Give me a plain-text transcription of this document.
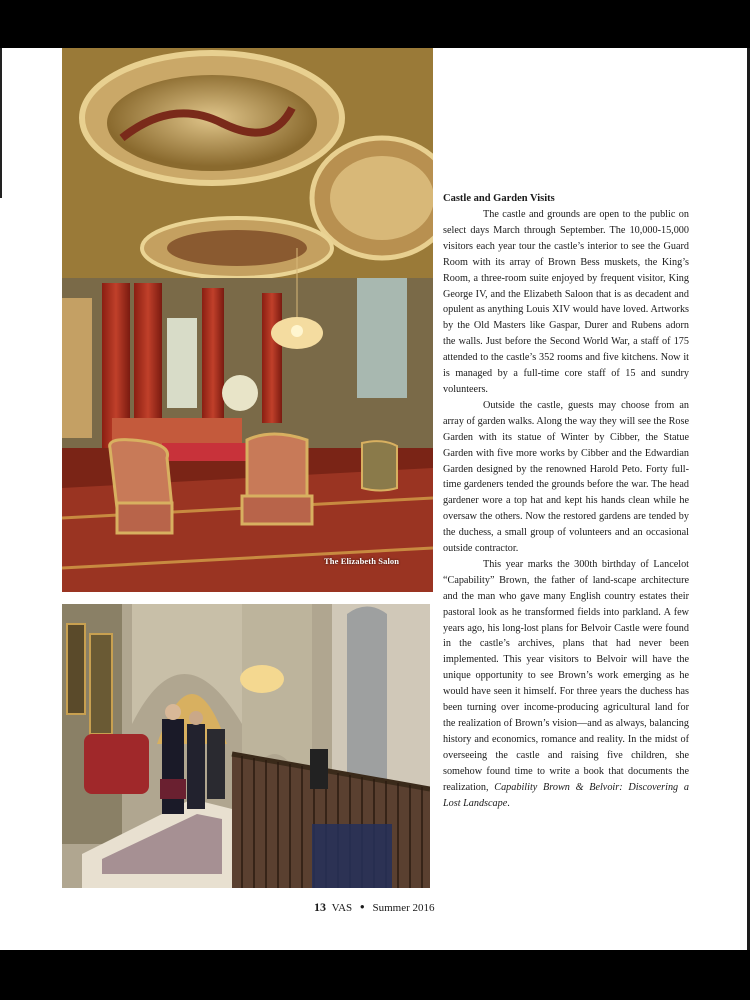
The Elizabeth Salon
Castle and Garden Visits

The castle and grounds are open to the public on select days March through September. The 10,000-15,000 visitors each year tour the castle’s interior to see the Guard Room with its array of Brown Bess muskets, the King’s Room, a three-room suite enjoyed by frequent visitor, King George IV, and the Elizabeth Saloon that is as decadent and opulent as anything Louis XIV would have loved. Artworks by the Old Masters like Gaspar, Durer and Rubens adorn the walls. Just before the Second World War, a staff of 175 attended to the castle’s 352 rooms and five kitchens. Now it is managed by a full-time core staff of 15 and sundry volunteers.

Outside the castle, guests may choose from an array of garden walks. Along the way they will see the Rose Garden with its statue of Winter by Cibber, the Statue Garden with five more works by Cibber and the Edwardian Garden designed by the renowned Harold Peto. Forty full-time gardeners tended the grounds before the war. The head gardener wore a top hat and kept his hands clean while he oversaw the others. Now the restored gardens are tended by the duchess, a small group of volunteers and an occasional outside contractor.

This year marks the 300th birthday of Lancelot “Capability” Brown, the father of land-scape architecture and the man who gave many English country estates their pastoral look as he transformed fields into parkland. A few years ago, his long-lost plans for Belvoir Castle were found in the castle’s archives, plans that had never been implemented. This year visitors to Belvoir will have the unique opportunity to see Brown’s work emerging as he would have seen it himself. For three years the duchess has been turning over income-producing agricultural land for the realization of Brown’s vision—and as always, balancing history and economics, romance and reality. In the midst of overseeing the castle and raising five children, she somehow found time to write a book that documents the realization, Capability Brown & Belvoir: Discovering a Lost Landscape.

13 VAS ● Summer 2016
